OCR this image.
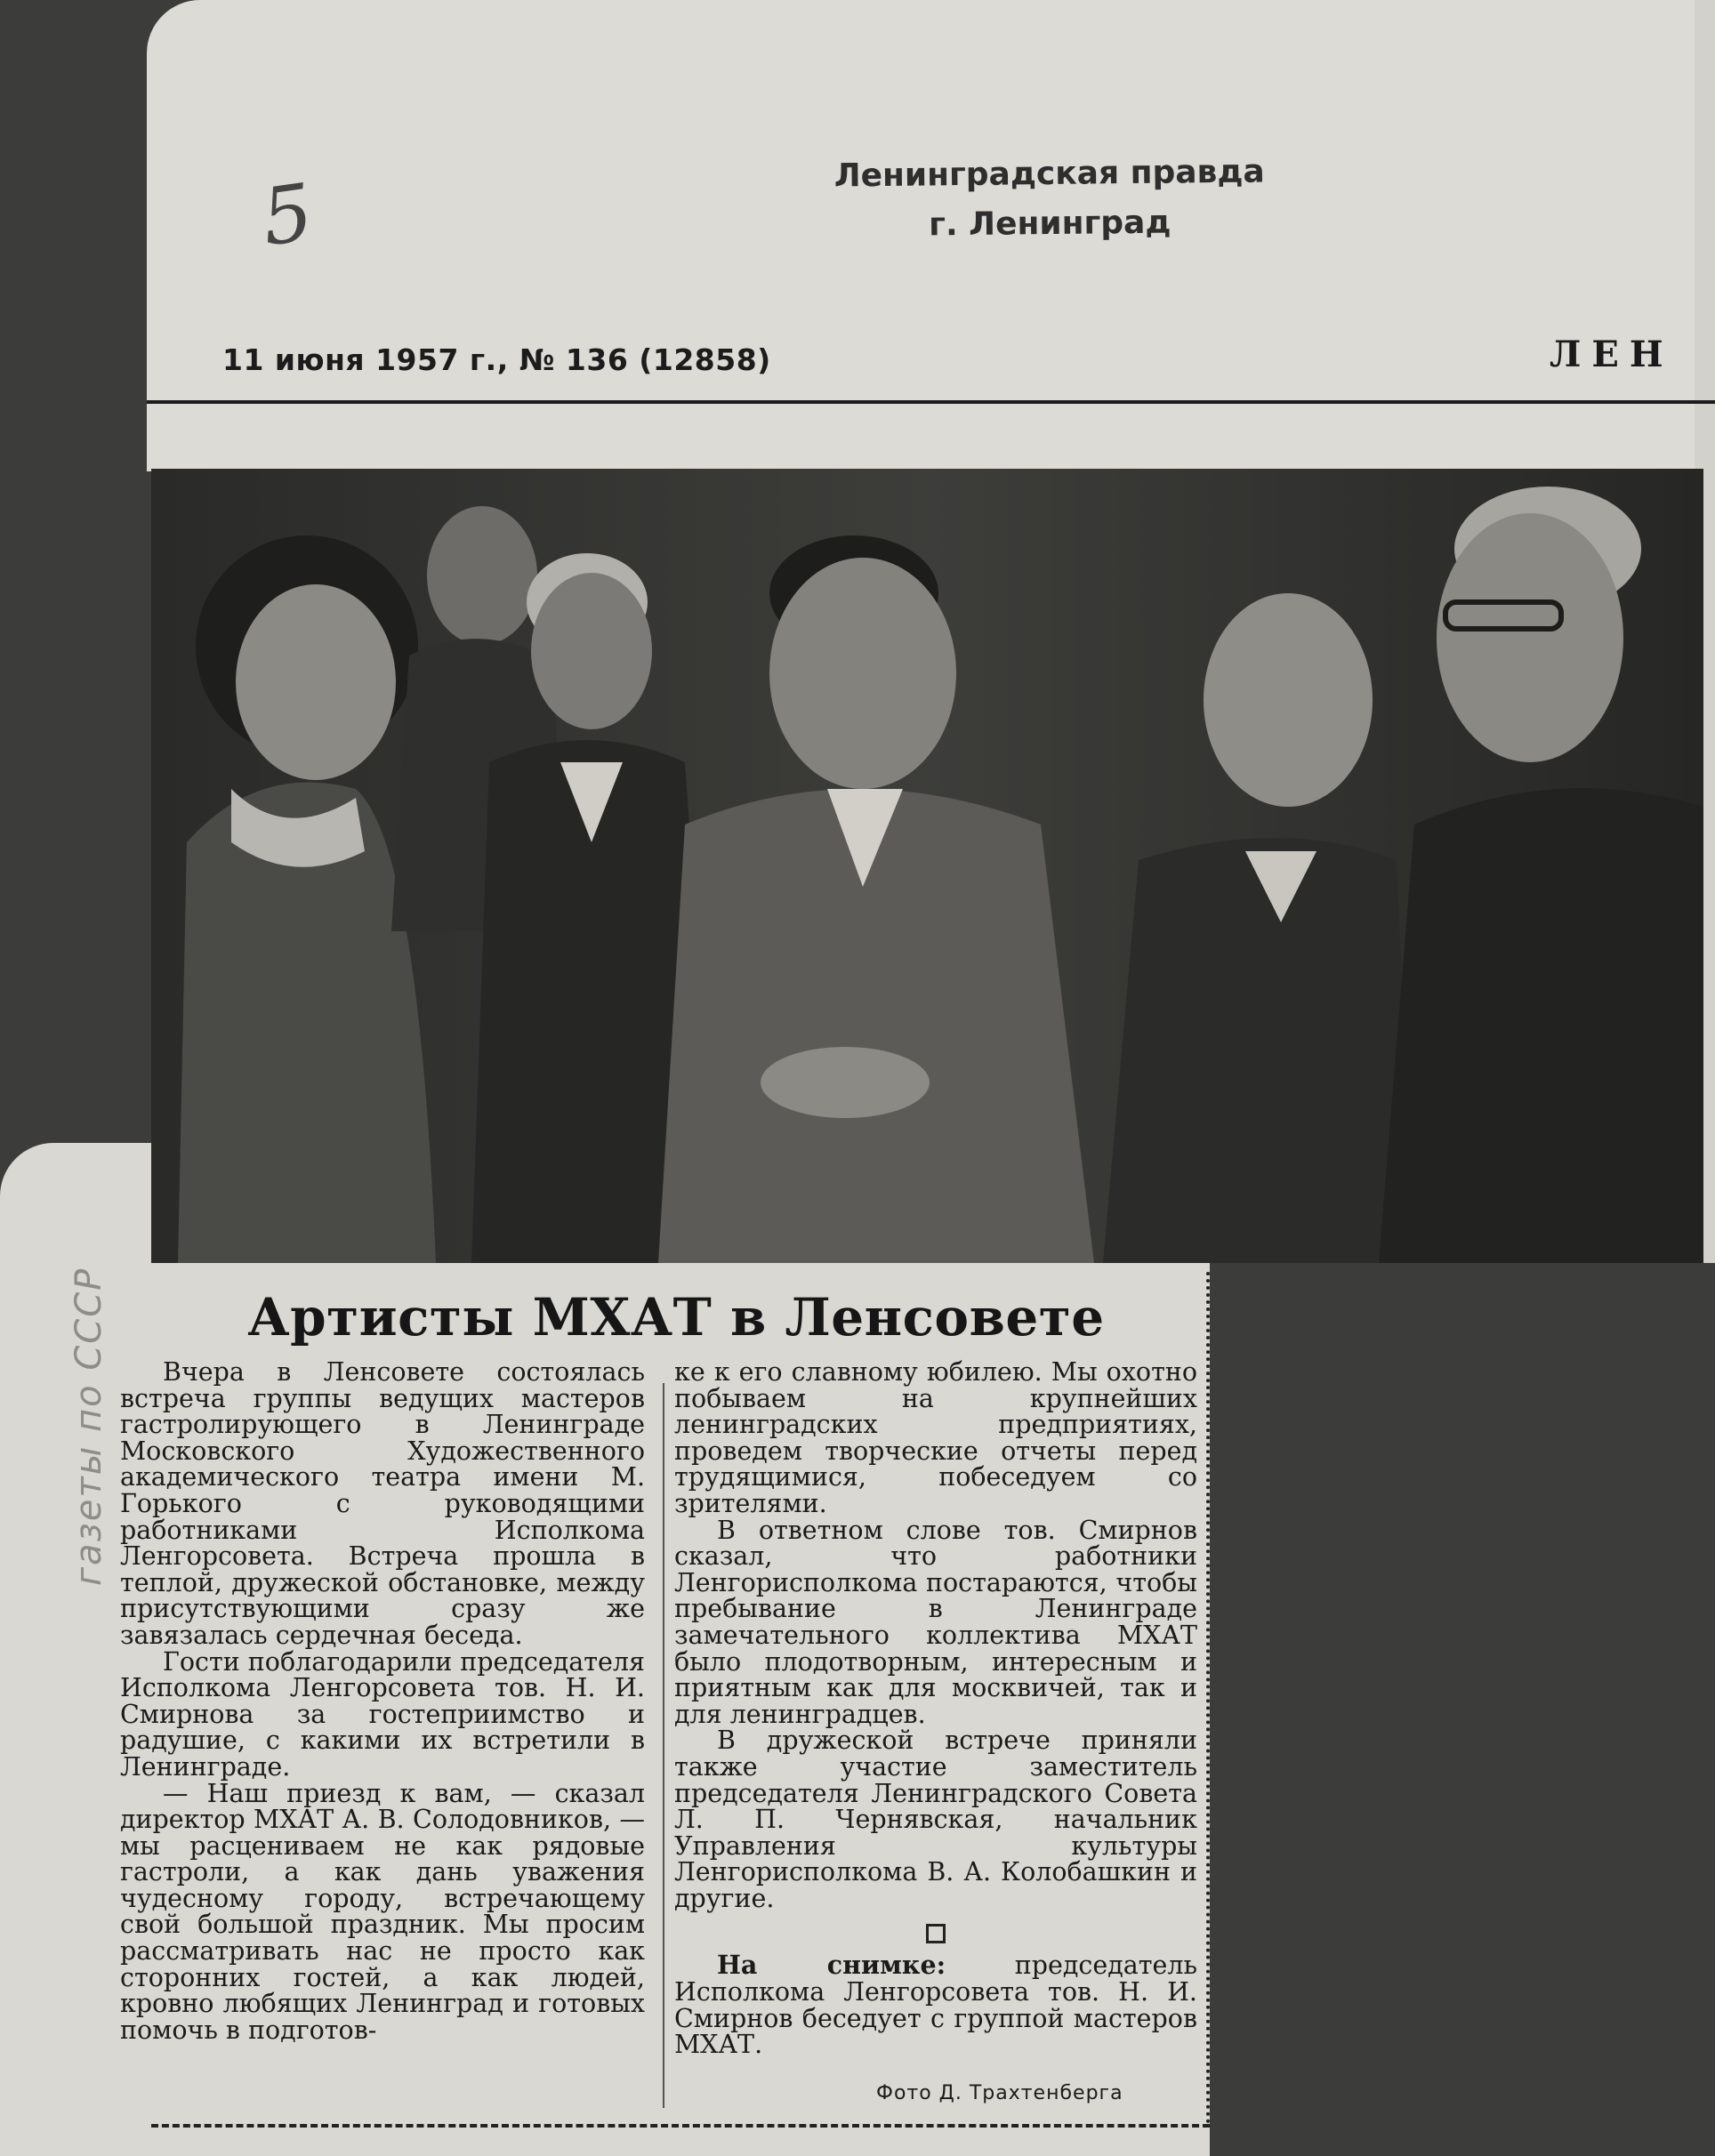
5	Ленинградская правда
г. Ленинград
11 июня 1957 г., № 136 (12858)	ЛЕН
Артисты МХАТ в Ленсовете

Вчера в Ленсовете состоялась встреча группы ведущих мастеров гастролирующего в Ленинграде Московского Художественного академического театра имени М. Горького с руководящими работниками Исполкома Ленгорсовета. Встреча прошла в теплой, дружеской обстановке, между присутствующими сразу же завязалась сердечная беседа.

Гости поблагодарили председателя Исполкома Ленгорсовета тов. Н. И. Смирнова за гостеприимство и радушие, с какими их встретили в Ленинграде.

— Наш приезд к вам, — сказал директор МХАТ А. В. Солодовников, — мы расцениваем не как рядовые гастроли, а как дань уважения чудесному городу, встречающему свой большой праздник. Мы просим рассматривать нас не просто как сторонних гостей, а как людей, кровно любящих Ленинград и готовых помочь в подготов-

ке к его славному юбилею. Мы охотно побываем на крупнейших ленинградских предприятиях, проведем творческие отчеты перед трудящимися, побеседуем со зрителями.

В ответном слове тов. Смирнов сказал, что работники Ленгорисполкома постараются, чтобы пребывание в Ленинграде замечательного коллектива МХАТ было плодотворным, интересным и приятным как для москвичей, так и для ленинградцев.

В дружеской встрече приняли также участие заместитель председателя Ленинградского Совета Л. П. Чернявская, начальник Управления культуры Ленгорисполкома В. А. Колобашкин и другие.

На снимке:	председатель Исполкома Ленгорсовета тов. Н. И. Смирнов беседует с группой мастеров МХАТ.

Фото Д. Трахтенберга
газеты по СССР
